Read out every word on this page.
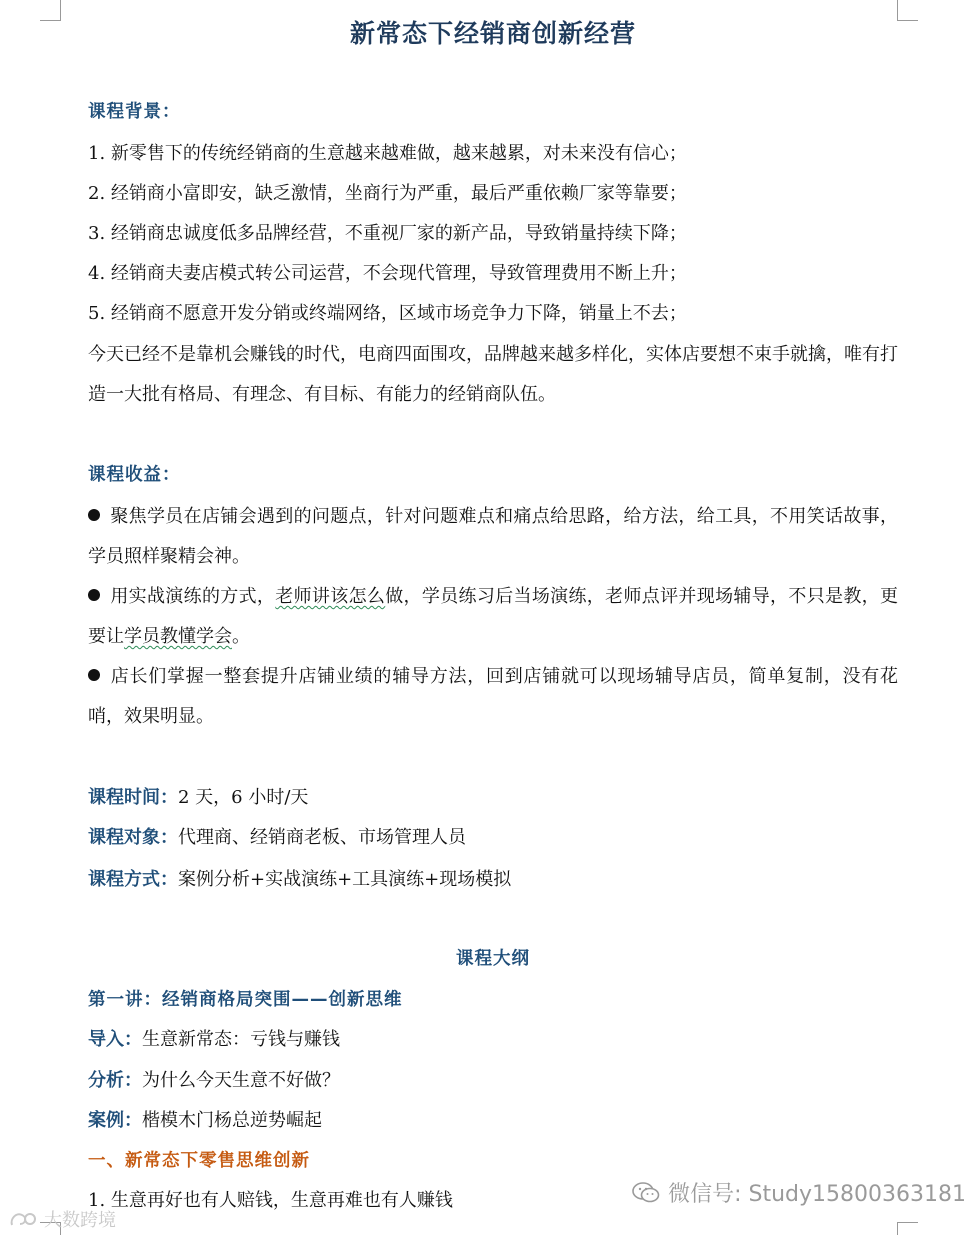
新常态下经销商创新经营
课程背景：
1. 新零售下的传统经销商的生意越来越难做，越来越累，对未来没有信心；
2. 经销商小富即安，缺乏激情，坐商行为严重，最后严重依赖厂家等靠要；
3. 经销商忠诚度低多品牌经营，不重视厂家的新产品，导致销量持续下降；
4. 经销商夫妻店模式转公司运营，不会现代管理，导致管理费用不断上升；
5. 经销商不愿意开发分销或终端网络，区域市场竞争力下降，销量上不去；
今天已经不是靠机会赚钱的时代，电商四面围攻，品牌越来越多样化，实体店要想不束手就擒，唯有打造一大批有格局、有理念、有目标、有能力的经销商队伍。
课程收益：
聚焦学员在店铺会遇到的问题点，针对问题难点和痛点给思路，给方法，给工具，不用笑话故事，学员照样聚精会神。
用实战演练的方式，老师讲该怎么做，学员练习后当场演练，老师点评并现场辅导，不只是教，更要让学员教懂学会。
店长们掌握一整套提升店铺业绩的辅导方法，回到店铺就可以现场辅导店员，简单复制，没有花哨，效果明显。
课程时间：2 天，6 小时/天
课程对象：代理商、经销商老板、市场管理人员
课程方式：案例分析+实战演练+工具演练+现场模拟
课程大纲
第一讲：经销商格局突围——创新思维
导入：生意新常态：亏钱与赚钱
分析：为什么今天生意不好做？
案例：楷模木门杨总逆势崛起
一、新常态下零售思维创新
1. 生意再好也有人赔钱，生意再难也有人赚钱	微信号: Study15800363181
大数跨境
